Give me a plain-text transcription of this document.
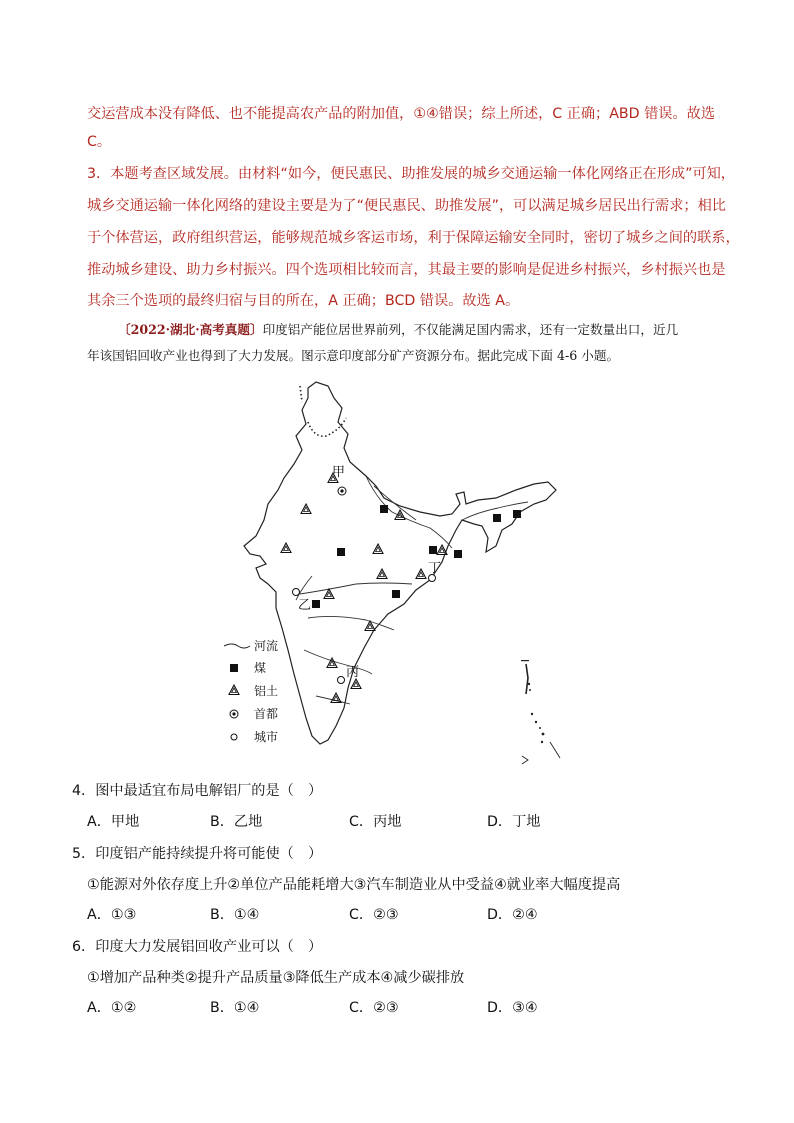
交运营成本没有降低、也不能提高农产品的附加值，①④错误；综上所述，C 正确；ABD 错误。故选
C。
3．本题考查区域发展。由材料“如今，便民惠民、助推发展的城乡交通运输一体化网络正在形成”可知，
城乡交通运输一体化网络的建设主要是为了“便民惠民、助推发展”，可以满足城乡居民出行需求；相比
于个体营运，政府组织营运，能够规范城乡客运市场，利于保障运输安全同时，密切了城乡之间的联系，
推动城乡建设、助力乡村振兴。四个选项相比较而言，其最主要的影响是促进乡村振兴，乡村振兴也是
其余三个选项的最终归宿与目的所在，A 正确；BCD 错误。故选 A。
〔2022·湖北·高考真题〕印度铝产能位居世界前列，不仅能满足国内需求，还有一定数量出口，近几
年该国铝回收产业也得到了大力发展。图示意印度部分矿产资源分布。据此完成下面 4-6 小题。
甲
乙
丙
丁
河流
煤
铝土
首都
城市
4．图中最适宜布局电解铝厂的是（　）
A．甲地	B．乙地	C．丙地	D．丁地
5．印度铝产能持续提升将可能使（　）
①能源对外依存度上升②单位产品能耗增大③汽车制造业从中受益④就业率大幅度提高
A．①③	B．①④	C．②③	D．②④
6．印度大力发展铝回收产业可以（　）
①增加产品种类②提升产品质量③降低生产成本④减少碳排放
A．①②	B．①④	C．②③	D．③④
